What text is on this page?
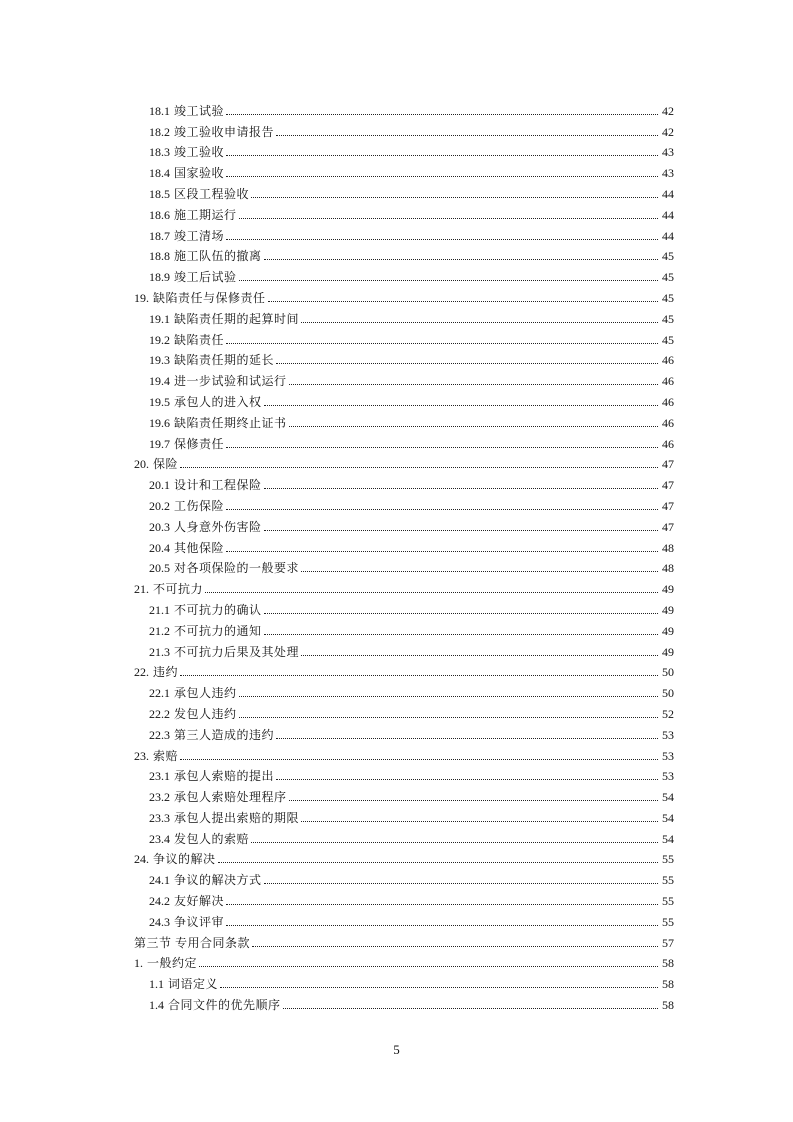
18.1 竣工试验	42
18.2 竣工验收申请报告	42
18.3 竣工验收	43
18.4 国家验收	43
18.5 区段工程验收	44
18.6 施工期运行	44
18.7 竣工清场	44
18.8 施工队伍的撤离	45
18.9 竣工后试验	45
19. 缺陷责任与保修责任	45
19.1 缺陷责任期的起算时间	45
19.2 缺陷责任	45
19.3 缺陷责任期的延长	46
19.4 进一步试验和试运行	46
19.5 承包人的进入权	46
19.6 缺陷责任期终止证书	46
19.7 保修责任	46
20. 保险	47
20.1 设计和工程保险	47
20.2 工伤保险	47
20.3 人身意外伤害险	47
20.4 其他保险	48
20.5 对各项保险的一般要求	48
21. 不可抗力	49
21.1 不可抗力的确认	49
21.2 不可抗力的通知	49
21.3 不可抗力后果及其处理	49
22. 违约	50
22.1 承包人违约	50
22.2 发包人违约	52
22.3 第三人造成的违约	53
23. 索赔	53
23.1 承包人索赔的提出	53
23.2 承包人索赔处理程序	54
23.3 承包人提出索赔的期限	54
23.4 发包人的索赔	54
24. 争议的解决	55
24.1 争议的解决方式	55
24.2 友好解决	55
24.3 争议评审	55
第三节 专用合同条款	57
1. 一般约定	58
1.1 词语定义	58
1.4 合同文件的优先顺序	58
5
